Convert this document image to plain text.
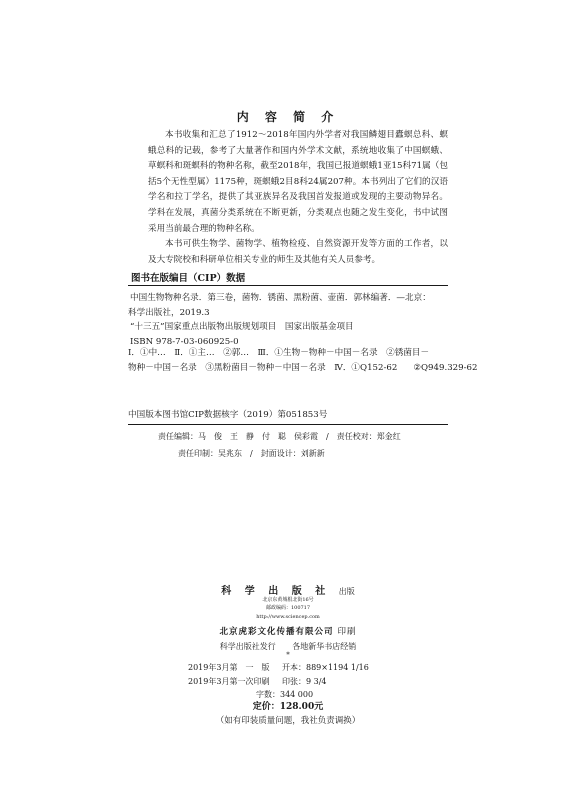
内 容 简 介

本书收集和汇总了1912～2018年国内外学者对我国鳞翅目蠹螟总科、螟蛾总科的记载，参考了大量著作和国内外学术文献，系统地收集了中国螟蛾、草螟科和斑螟科的物种名称，截至2018年，我国已报道螟蛾1亚15科71属（包括5个无性型属）1175种，斑螟蛾2目8科24属207种。本书列出了它们的汉语学名和拉丁学名，提供了其亚族异名及我国首发报道或发现的主要动物异名。学科在发展，真菌分类系统在不断更新，分类观点也随之发生变化，书中试图采用当前最合理的物种名称。

本书可供生物学、菌物学、植物检疫、自然资源开发等方面的工作者，以及大专院校和科研单位相关专业的师生及其他有关人员参考。

图书在版编目（CIP）数据
中国生物物种名录．第三卷，菌物．锈菌、黑粉菌、壶菌．郭林编著．—北京：
科学出版社，2019.3
“十三五”国家重点出版物出版规划项目　国家出版基金项目
ISBN 978-7-03-060925-0
Ⅰ．①中…　Ⅱ．①主…　②郭…　Ⅲ．①生物－物种－中国－名录　②锈菌目－
物种－中国－名录　③黑粉菌目－物种－中国－名录　Ⅳ．①Q152-62 ②Q949.329-62
中国版本图书馆CIP数据核字（2019）第051853号
责任编辑：马　俊　王　静　付　聪　侯彩霞　/　责任校对：郑金红
责任印制：吴兆东　/　封面设计：刘新新
科 学 出 版 社 出版
北京东黄城根北街16号
邮政编码：100717
http://www.sciencep.com
北京虎彩文化传播有限公司 印刷
科学出版社发行 各地新华书店经销
*
2019年3月第　一　版 开本：889×1194 1/16
2019年3月第一次印刷 印张：9 3/4
字数：344 000
定价：128.00元
（如有印装质量问题，我社负责调换）
